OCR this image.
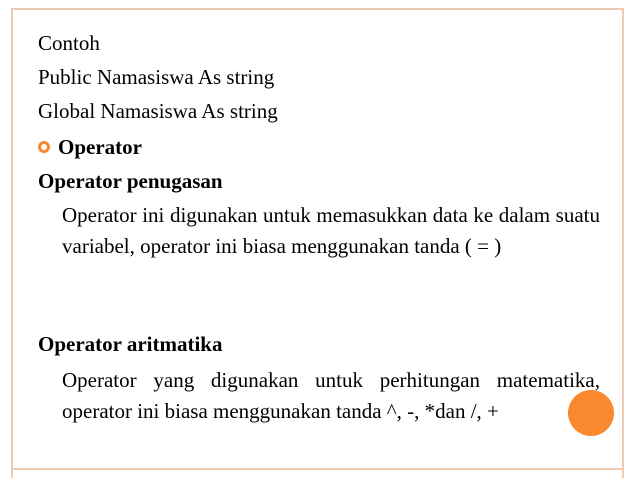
Contoh
Public Namasiswa As string
Global Namasiswa As string
Operator
Operator penugasan
Operator ini digunakan untuk memasukkan data ke dalam suatu variabel, operator ini biasa menggunakan tanda ( = )
Operator aritmatika
Operator yang digunakan untuk perhitungan matematika, operator ini biasa menggunakan tanda ^, -, *dan /, +
